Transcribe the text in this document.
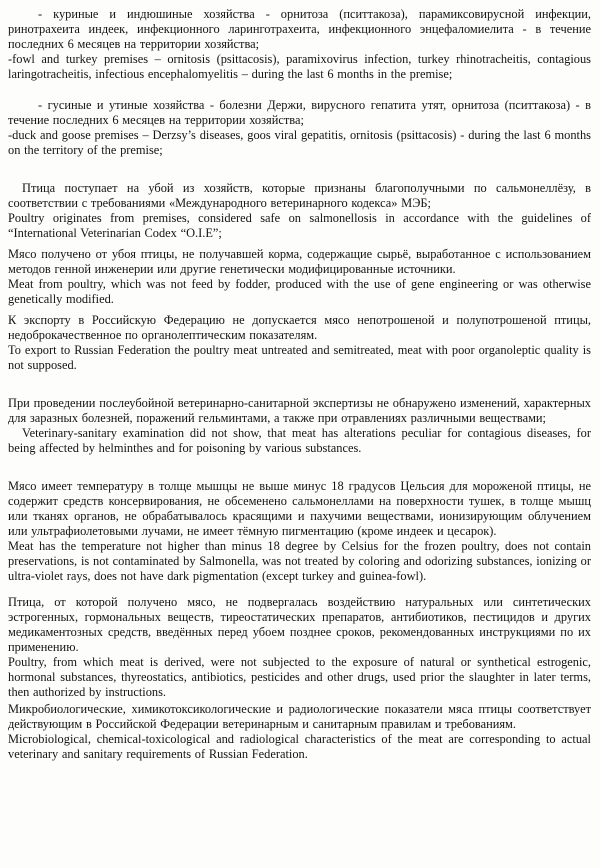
- куриные и индюшиные хозяйства - орнитоза (пситтакоза), парамиксовирусной инфекции, ринотрахеита индеек, инфекционного ларинготрахеита, инфекционного энцефаломиелита - в течение последних 6 месяцев на территории хозяйства;

-fowl and turkey premises – ornitosis (psittacosis), paramixovirus infection, turkey rhinotracheitis, contagious laringotracheitis, infectious encephalomyelitis – during the last 6 months in the premise;

- гусиные и утиные хозяйства - болезни Держи, вирусного гепатита утят, орнитоза (пситтакоза) - в течение последних 6 месяцев на территории хозяйства;

-duck and goose premises – Derzsy’s diseases, goos viral gepatitis, ornitosis (psittacosis) - during the last 6 months on the territory of the premise;

Птица поступает на убой из хозяйств, которые признаны благополучными по сальмонеллёзу, в соответствии с требованиями «Международного ветеринарного кодекса» МЭБ;

Poultry originates from premises, considered safe on salmonellosis in accordance with the guidelines of “International Veterinarian Codex “O.I.E”;

Мясо получено от убоя птицы, не получавшей корма, содержащие сырьё, выработанное с использованием методов генной инженерии или другие генетически модифицированные источники.

Meat from poultry, which was not feed by fodder, produced with the use of gene engineering or was otherwise genetically modified.

К экспорту в Российскую Федерацию не допускается мясо непотрошеной и полупотрошеной птицы, недоброкачественное по органолептическим показателям.

To export to Russian Federation the poultry meat untreated and semitreated, meat with poor organoleptic quality is not supposed.

При проведении послеубойной ветеринарно-санитарной экспертизы не обнаружено изменений, характерных для заразных болезней, поражений гельминтами, а также при отравлениях различными веществами;

Veterinary-sanitary examination did not show, that meat has alterations peculiar for contagious diseases, for being affected by helminthes and for poisoning by various substances.

Мясо имеет температуру в толще мышцы не выше минус 18 градусов Цельсия для мороженой птицы, не содержит средств консервирования, не обсеменено сальмонеллами на поверхности тушек, в толще мышц или тканях органов, не обрабатывалось красящими и пахучими веществами, ионизирующим облучением или ультрафиолетовыми лучами, не имеет тёмную пигментацию (кроме индеек и цесарок).

Meat has the temperature not higher than minus 18 degree by Celsius for the frozen poultry, does not contain preservations, is not contaminated by Salmonella, was not treated by coloring and odorizing substances, ionizing or ultra-violet rays, does not have dark pigmentation (except turkey and guinea-fowl).

Птица, от которой получено мясо, не подвергалась воздействию натуральных или синтетических эстрогенных, гормональных веществ, тиреостатических препаратов, антибиотиков, пестицидов и других медикаментозных средств, введённых перед убоем позднее сроков, рекомендованных инструкциями по их применению.

Poultry, from which meat is derived, were not subjected to the exposure of natural or synthetical estrogenic, hormonal substances, thyreostatics, antibiotics, pesticides and other drugs, used prior the slaughter in later terms, then authorized by instructions.

Микробиологические, химикотоксикологические и радиологические показатели мяса птицы соответствует действующим в Российской Федерации ветеринарным и санитарным правилам и требованиям.

Microbiological, chemical-toxicological and radiological characteristics of the meat are corresponding to actual veterinary and sanitary requirements of Russian Federation.
